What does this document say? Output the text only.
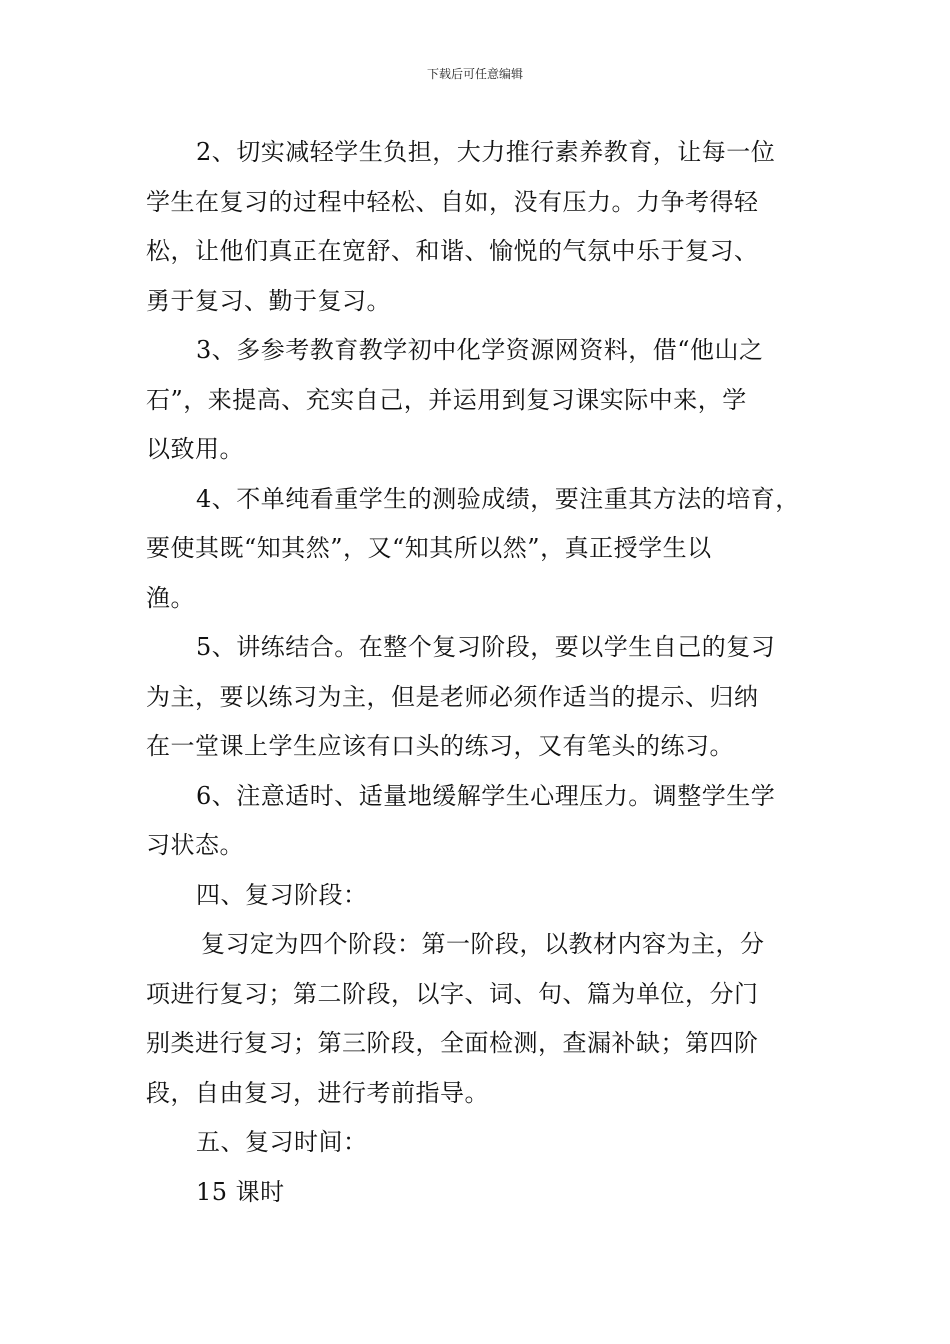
下载后可任意编辑
2、切实减轻学生负担，大力推行素养教育，让每一位
学生在复习的过程中轻松、自如，没有压力。力争考得轻
松，让他们真正在宽舒、和谐、愉悦的气氛中乐于复习、
勇于复习、勤于复习。
3、多参考教育教学初中化学资源网资料，借“他山之
石”，来提高、充实自己，并运用到复习课实际中来，学
以致用。
4、不单纯看重学生的测验成绩，要注重其方法的培育，
要使其既“知其然”，又“知其所以然”，真正授学生以
渔。
5、讲练结合。在整个复习阶段，要以学生自己的复习
为主，要以练习为主，但是老师必须作适当的提示、归纳
在一堂课上学生应该有口头的练习，又有笔头的练习。
6、注意适时、适量地缓解学生心理压力。调整学生学
习状态。
四、复习阶段：
复习定为四个阶段：第一阶段，以教材内容为主，分
项进行复习；第二阶段，以字、词、句、篇为单位，分门
别类进行复习；第三阶段，全面检测，查漏补缺；第四阶
段，自由复习，进行考前指导。
五、复习时间：
15 课时
